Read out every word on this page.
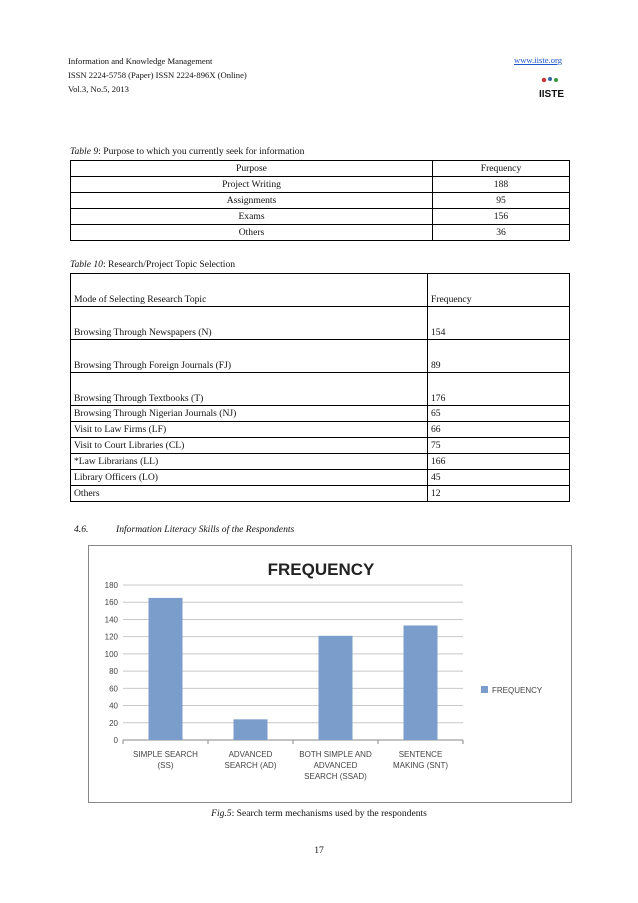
Information and Knowledge Management
ISSN 2224-5758 (Paper) ISSN 2224-896X (Online)
Vol.3, No.5, 2013
www.iiste.org
IISTE
Table 9: Purpose to which you currently seek for information
Purpose	Frequency
Project Writing	188
Assignments	95
Exams	156
Others	36
Table 10: Research/Project Topic Selection
Mode of Selecting Research Topic	Frequency
Browsing Through Newspapers (N)	154
Browsing Through Foreign Journals (FJ)	89
Browsing Through Textbooks (T)	176
Browsing Through Nigerian Journals (NJ)	65
Visit to Law Firms (LF)	66
Visit to Court Libraries (CL)	75
*Law Librarians (LL)	166
Library Officers (LO)	45
Others	12
4.6.	Information Literacy Skills of the Respondents
FREQUENCY
0
20
40
60
80
100
120
140
160
180
SIMPLE SEARCH
(SS)
ADVANCED
SEARCH (AD)
BOTH SIMPLE AND
ADVANCED
SEARCH (SSAD)
SENTENCE
MAKING (SNT)
FREQUENCY
Fig.5: Search term mechanisms used by the respondents
17
